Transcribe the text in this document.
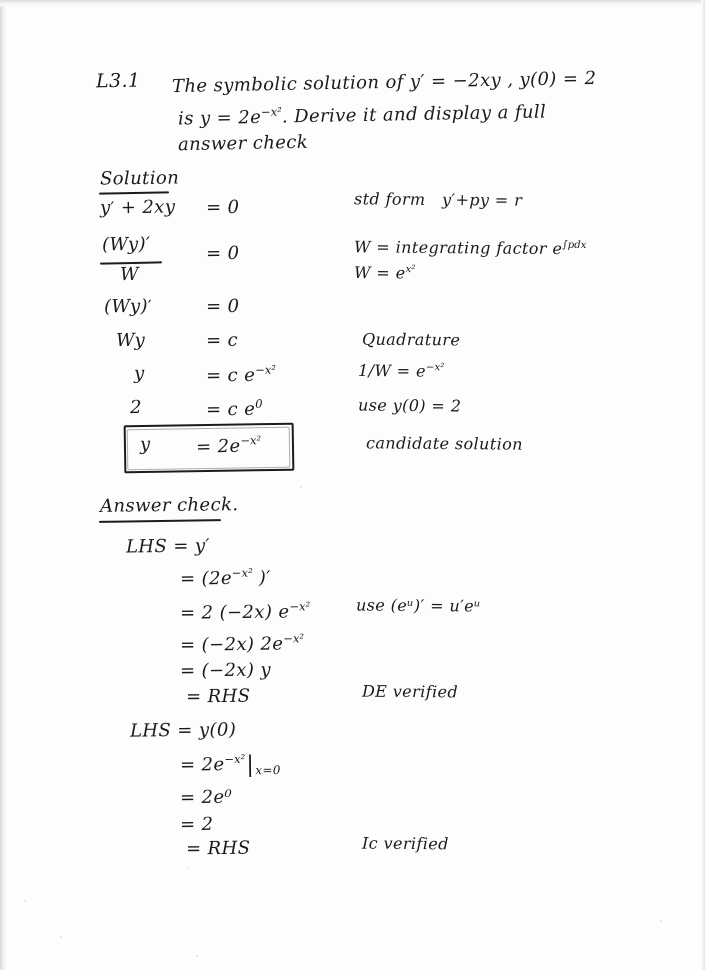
L3.1 The symbolic solution of y′ = −2xy , y(0) = 2
is $y = 2e^{-x^2}$. Derive it and display a full
answer check
Solution
y′ + 2xy = 0	std form y′+py = r
(Wy)′
W
= 0	W = integrating factor $e^{\int pdx}$
$W = e^{x^2}$
(Wy)′	= 0
Wy	= c	Quadrature
y	= c $e^{-x^2}$	$1/W = e^{-x^2}$
2	= c $e^0$	use y(0) = 2
$y = 2e^{-x^2}$	candidate solution
Answer check.
LHS = y′
= ($2e^{-x^2}$ )′
= 2 (−2x) $e^{-x^2}$	use (eᵘ)′ = u′eᵘ
= (−2x) $2e^{-x^2}$
= (−2x) y
= RHS	DE verified
LHS = y(0)
= $2e^{-x^2}|_{x=0}$
= 2e⁰
= 2
= RHS	Ic verified
